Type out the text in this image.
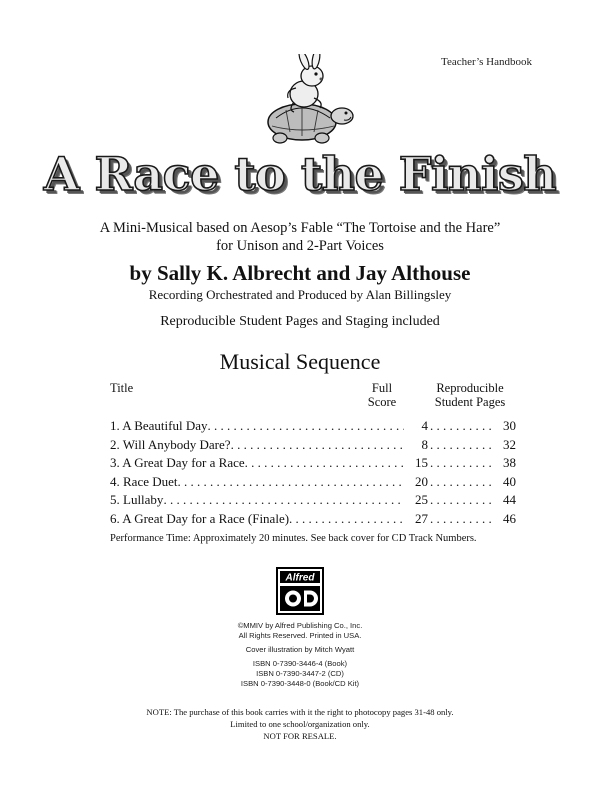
Teacher’s Handbook
A Race to the Finish
A Mini-Musical based on Aesop’s Fable “The Tortoise and the Hare”
for Unison and 2-Part Voices
by Sally K. Albrecht and Jay Althouse
Recording Orchestrated and Produced by Alan Billingsley
Reproducible Student Pages and Staging included
Musical Sequence
Title	Full
Score
Reproducible
Student Pages
1. A Beautiful Day . . .	4 . . .	30
2. Will Anybody Dare? . . .	8 . . .	32
3. A Great Day for a Race . . .	15 . . .	38
4. Race Duet . . .	20 . . .	40
5. Lullaby . . .	25 . . .	44
6. A Great Day for a Race (Finale) . . .	27 . . .	46
Performance Time: Approximately 20 minutes. See back cover for CD Track Numbers.
Alfred
©MMIV by Alfred Publishing Co., Inc.
All Rights Reserved. Printed in USA.
Cover illustration by Mitch Wyatt
ISBN 0-7390-3446-4 (Book)
ISBN 0-7390-3447-2 (CD)
ISBN 0-7390-3448-0 (Book/CD Kit)
NOTE: The purchase of this book carries with it the right to photocopy pages 31-48 only.
Limited to one school/organization only.
NOT FOR RESALE.
